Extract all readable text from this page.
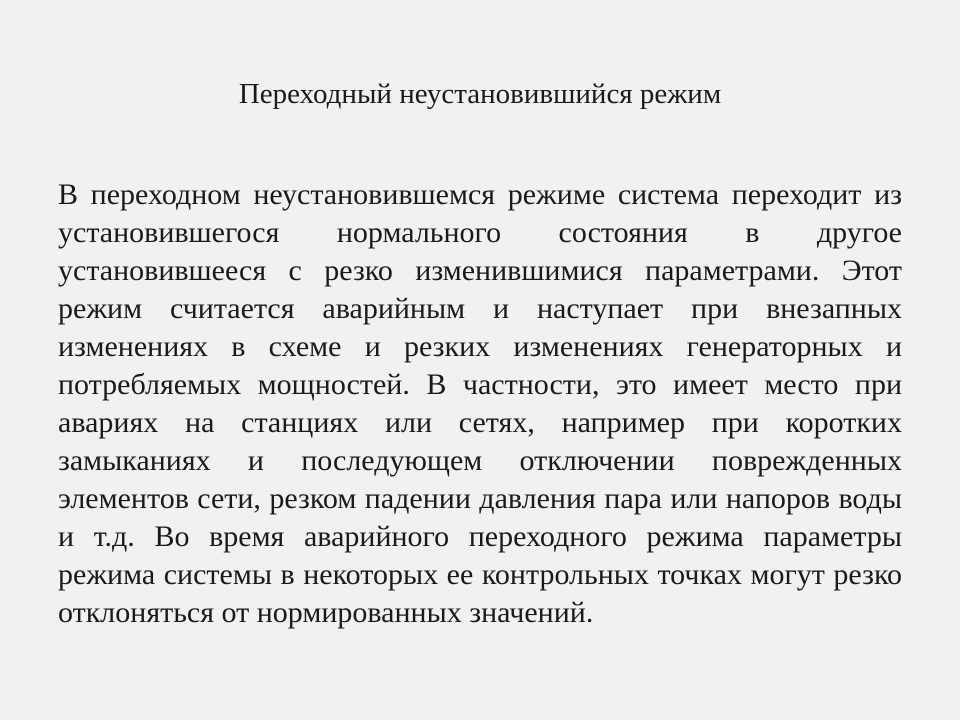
Переходный неустановившийся режим

В переходном неустановившемся режиме система переходит из установившегося нормального состояния в другое установившееся с резко изменившимися параметрами. Этот режим считается аварийным и наступает при внезапных изменениях в схеме и резких изменениях генераторных и потребляемых мощностей. В частности, это имеет место при авариях на станциях или сетях, например при коротких замыканиях и последующем отключении поврежденных элементов сети, резком падении давления пара или напоров воды и т.д. Во время аварийного переходного режима параметры режима системы в некоторых ее контрольных точках могут резко отклоняться от нормированных значений.
